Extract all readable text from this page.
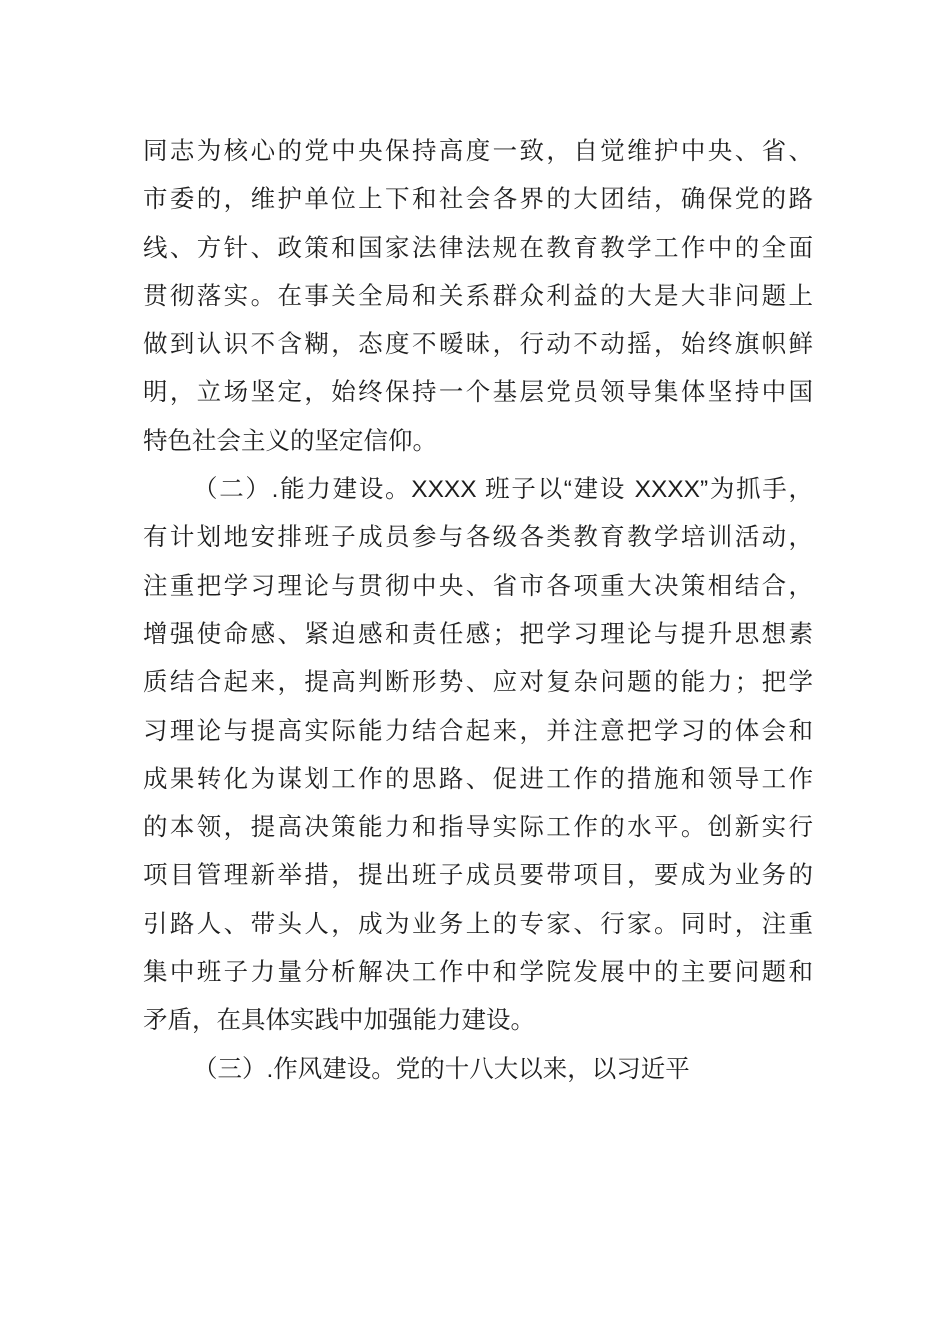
同志为核心的党中央保持高度一致，自觉维护中央、省、
市委的，维护单位上下和社会各界的大团结，确保党的路
线、方针、政策和国家法律法规在教育教学工作中的全面
贯彻落实。在事关全局和关系群众利益的大是大非问题上
做到认识不含糊，态度不暧昧，行动不动摇，始终旗帜鲜
明，立场坚定，始终保持一个基层党员领导集体坚持中国
特色社会主义的坚定信仰。
（二）.能力建设。XXXX 班子以“建设 XXXX”为抓手，
有计划地安排班子成员参与各级各类教育教学培训活动，
注重把学习理论与贯彻中央、省市各项重大决策相结合，
增强使命感、紧迫感和责任感；把学习理论与提升思想素
质结合起来，提高判断形势、应对复杂问题的能力；把学
习理论与提高实际能力结合起来，并注意把学习的体会和
成果转化为谋划工作的思路、促进工作的措施和领导工作
的本领，提高决策能力和指导实际工作的水平。创新实行
项目管理新举措，提出班子成员要带项目，要成为业务的
引路人、带头人，成为业务上的专家、行家。同时，注重
集中班子力量分析解决工作中和学院发展中的主要问题和
矛盾，在具体实践中加强能力建设。
（三）.作风建设。党的十八大以来，以习近平
